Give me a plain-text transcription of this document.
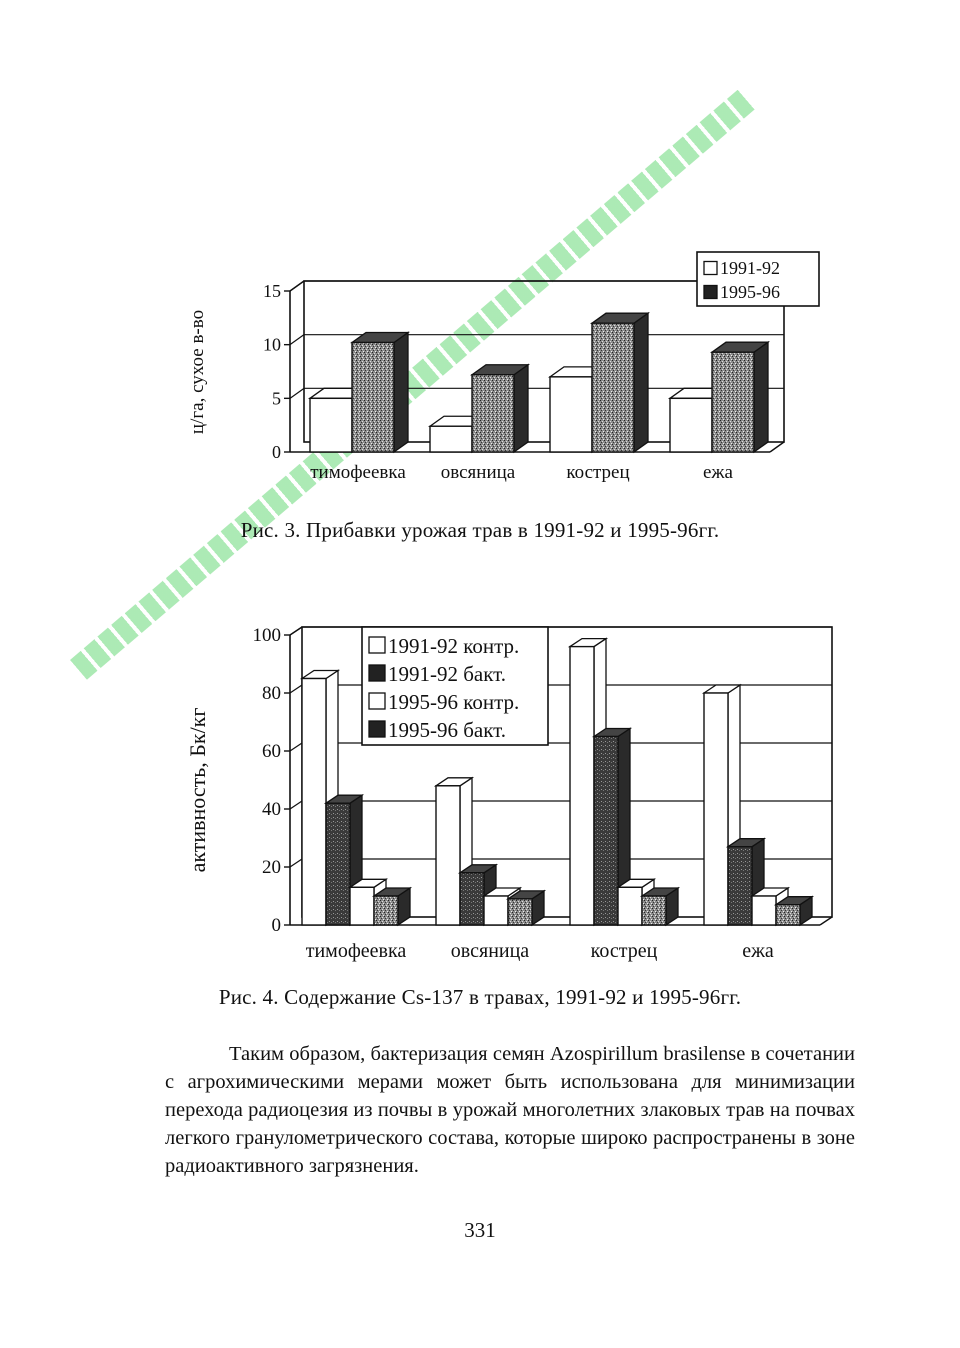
0
5
10
15
тимофеевка овсяница	кострец	ежа
ц/га, сухое в-во
1991-92
1995-96
0
20
40
60
80
100
тимофеевка овсяница	кострец	ежа
активность, Бк/кг
1991-92 контр.
1991-92 бакт.
1995-96 контр.
1995-96 бакт.
Рис. 3. Прибавки урожая трав в 1991-92 и 1995-96гг.
Рис. 4. Содержание Cs-137 в травах, 1991-92 и 1995-96гг.

Таким образом, бактеризация семян Azospirillum brasilense в сочетании с агрохимическими мерами может быть использована для минимизации перехода радиоцезия из почвы в урожай многолетних злаковых трав на почвах легкого гранулометрического состава, которые широко распространены в зоне радиоактивного загрязнения.

331
